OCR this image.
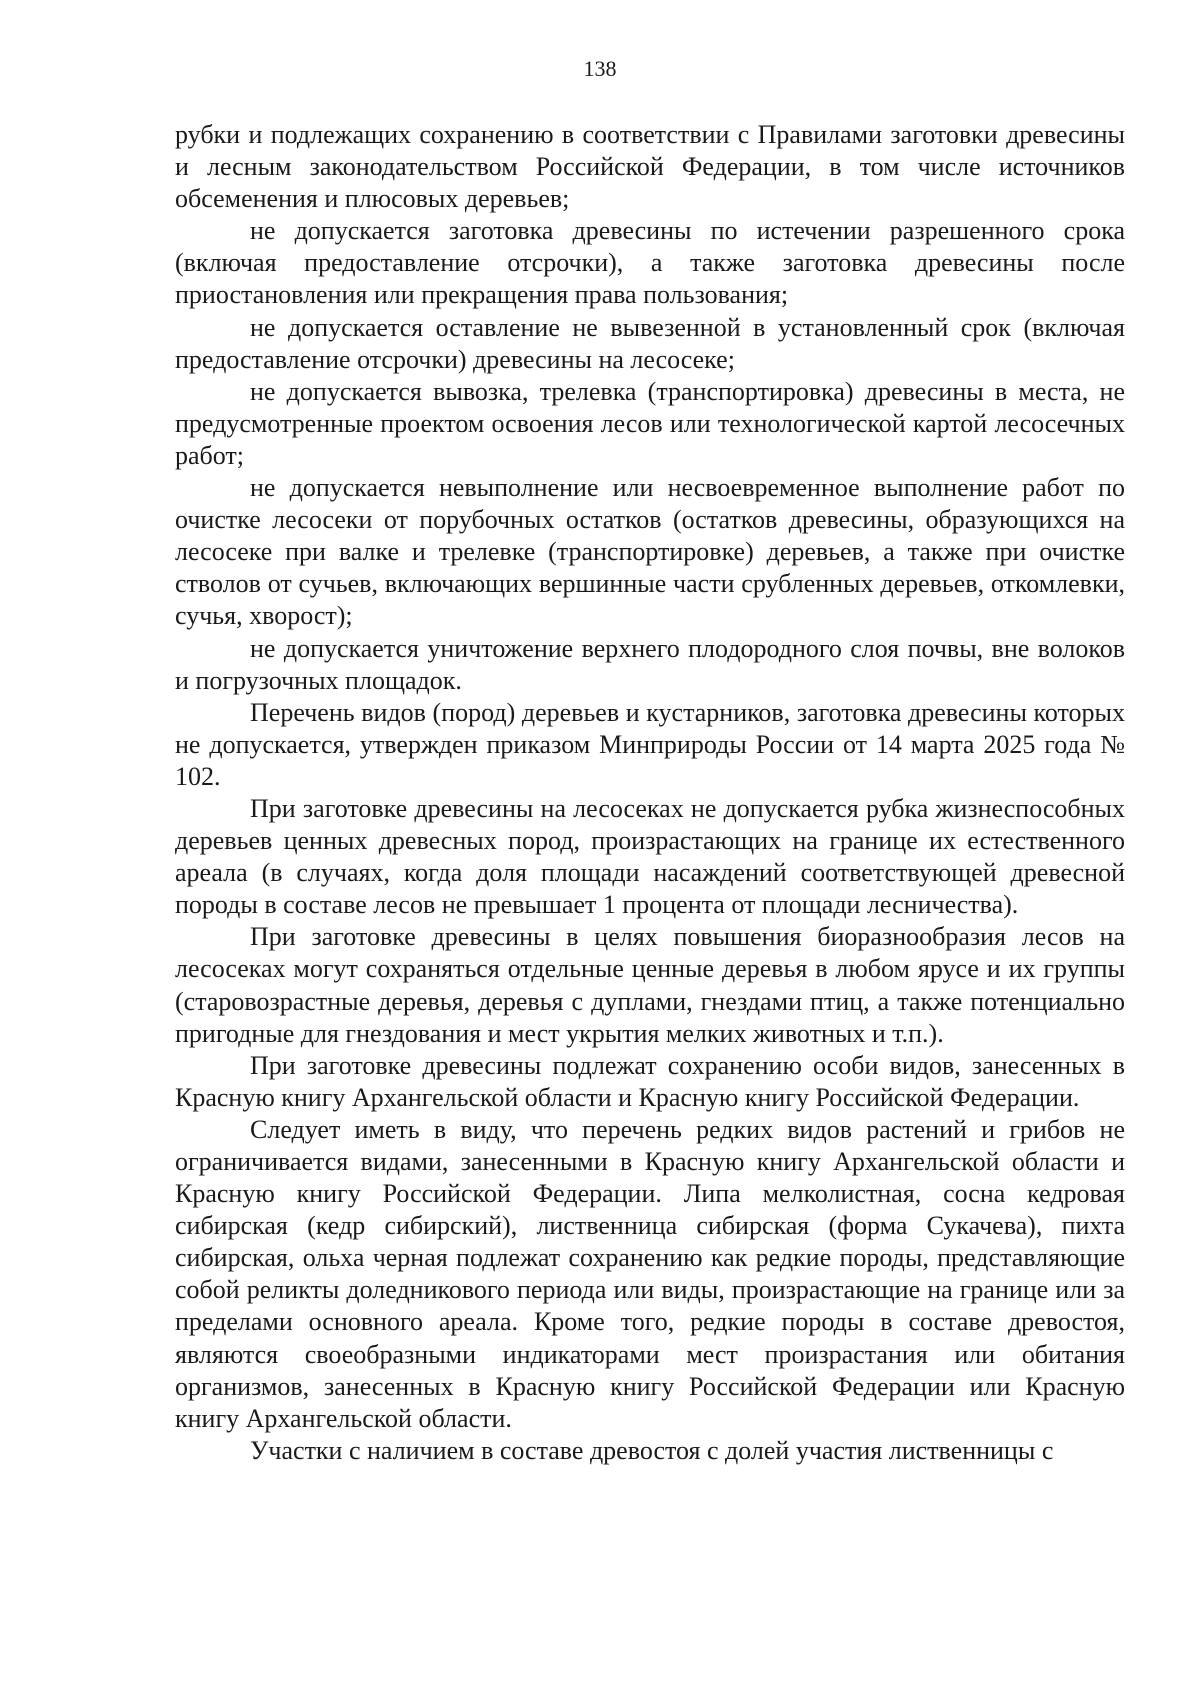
138

рубки и подлежащих сохранению в соответствии с Правилами заготовки древесины и лесным законодательством Российской Федерации, в том числе источников обсеменения и плюсовых деревьев;

не допускается заготовка древесины по истечении разрешенного срока (включая предоставление отсрочки), а также заготовка древесины после приостановления или прекращения права пользования;

не допускается оставление не вывезенной в установленный срок (включая предоставление отсрочки) древесины на лесосеке;

не допускается вывозка, трелевка (транспортировка) древесины в места, не предусмотренные проектом освоения лесов или технологической картой лесосечных работ;

не допускается невыполнение или несвоевременное выполнение работ по очистке лесосеки от порубочных остатков (остатков древесины, образующихся на лесосеке при валке и трелевке (транспортировке) деревьев, а также при очистке стволов от сучьев, включающих вершинные части срубленных деревьев, откомлевки, сучья, хворост);

не допускается уничтожение верхнего плодородного слоя почвы, вне волоков и погрузочных площадок.

Перечень видов (пород) деревьев и кустарников, заготовка древесины которых не допускается, утвержден приказом Минприроды России от 14 марта 2025 года № 102.

При заготовке древесины на лесосеках не допускается рубка жизнеспособных деревьев ценных древесных пород, произрастающих на границе их естественного ареала (в случаях, когда доля площади насаждений соответствующей древесной породы в составе лесов не превышает 1 процента от площади лесничества).

При заготовке древесины в целях повышения биоразнообразия лесов на лесосеках могут сохраняться отдельные ценные деревья в любом ярусе и их группы (старовозрастные деревья, деревья с дуплами, гнездами птиц, а также потенциально пригодные для гнездования и мест укрытия мелких животных и т.п.).

При заготовке древесины подлежат сохранению особи видов, занесенных в Красную книгу Архангельской области и Красную книгу Российской Федерации.

Следует иметь в виду, что перечень редких видов растений и грибов не ограничивается видами, занесенными в Красную книгу Архангельской области и Красную книгу Российской Федерации. Липа мелколистная, сосна кедровая сибирская (кедр сибирский), лиственница сибирская (форма Сукачева), пихта сибирская, ольха черная подлежат сохранению как редкие породы, представляющие собой реликты доледникового периода или виды, произрастающие на границе или за пределами основного ареала. Кроме того, редкие породы в составе древостоя, являются своеобразными индикаторами мест произрастания или обитания организмов, занесенных в Красную книгу Российской Федерации или Красную книгу Архангельской области.

Участки с наличием в составе древостоя с долей участия лиственницы с
